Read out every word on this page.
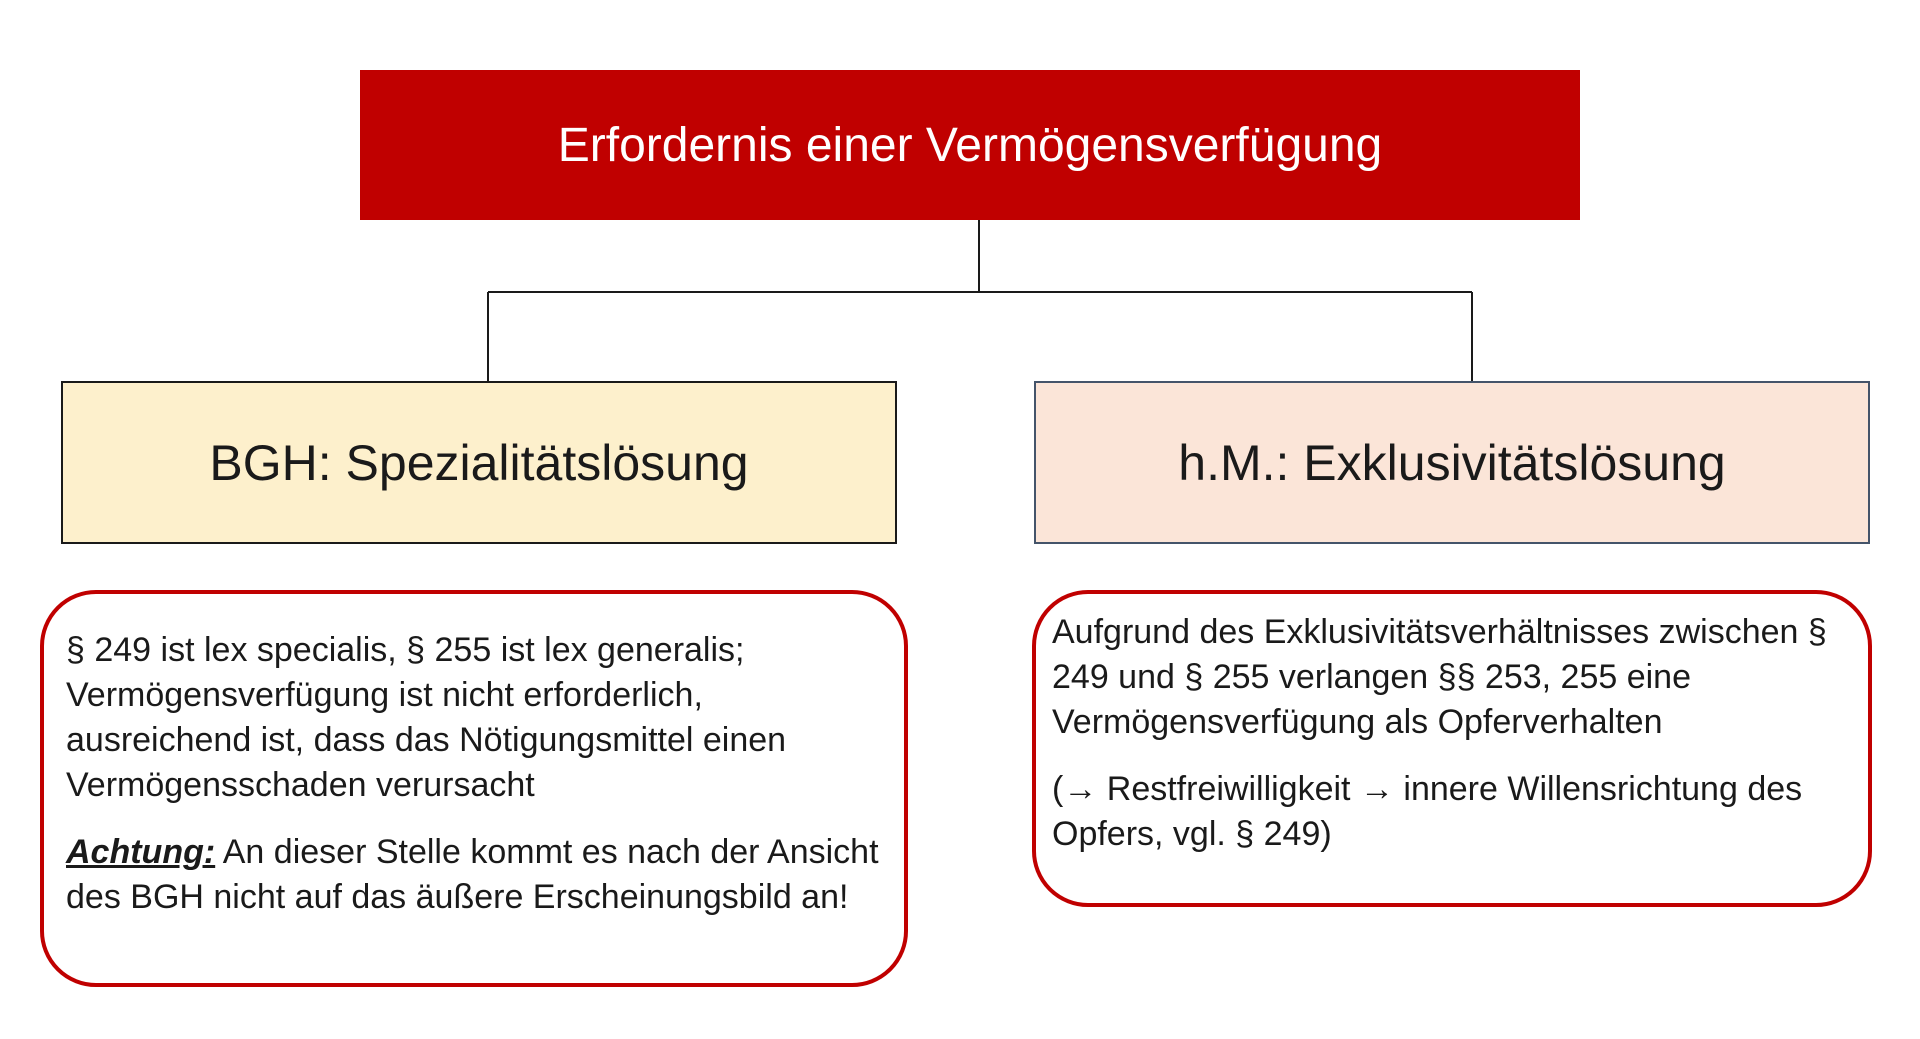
Erfordernis einer Vermögensverfügung
BGH: Spezialitätslösung	h.M.: Exklusivitätslösung

§ 249 ist lex specialis, § 255 ist lex generalis; Vermögensverfügung ist nicht erforderlich, ausreichend ist, dass das Nötigungsmittel einen Vermögensschaden verursacht

Achtung: An dieser Stelle kommt es nach der Ansicht des BGH nicht auf das äußere Erscheinungsbild an!

Aufgrund des Exklusivitätsverhältnisses zwischen § 249 und § 255 verlangen §§ 253, 255 eine Vermögensverfügung als Opferverhalten

(→ Restfreiwilligkeit → innere Willensrichtung des Opfers, vgl. § 249)
